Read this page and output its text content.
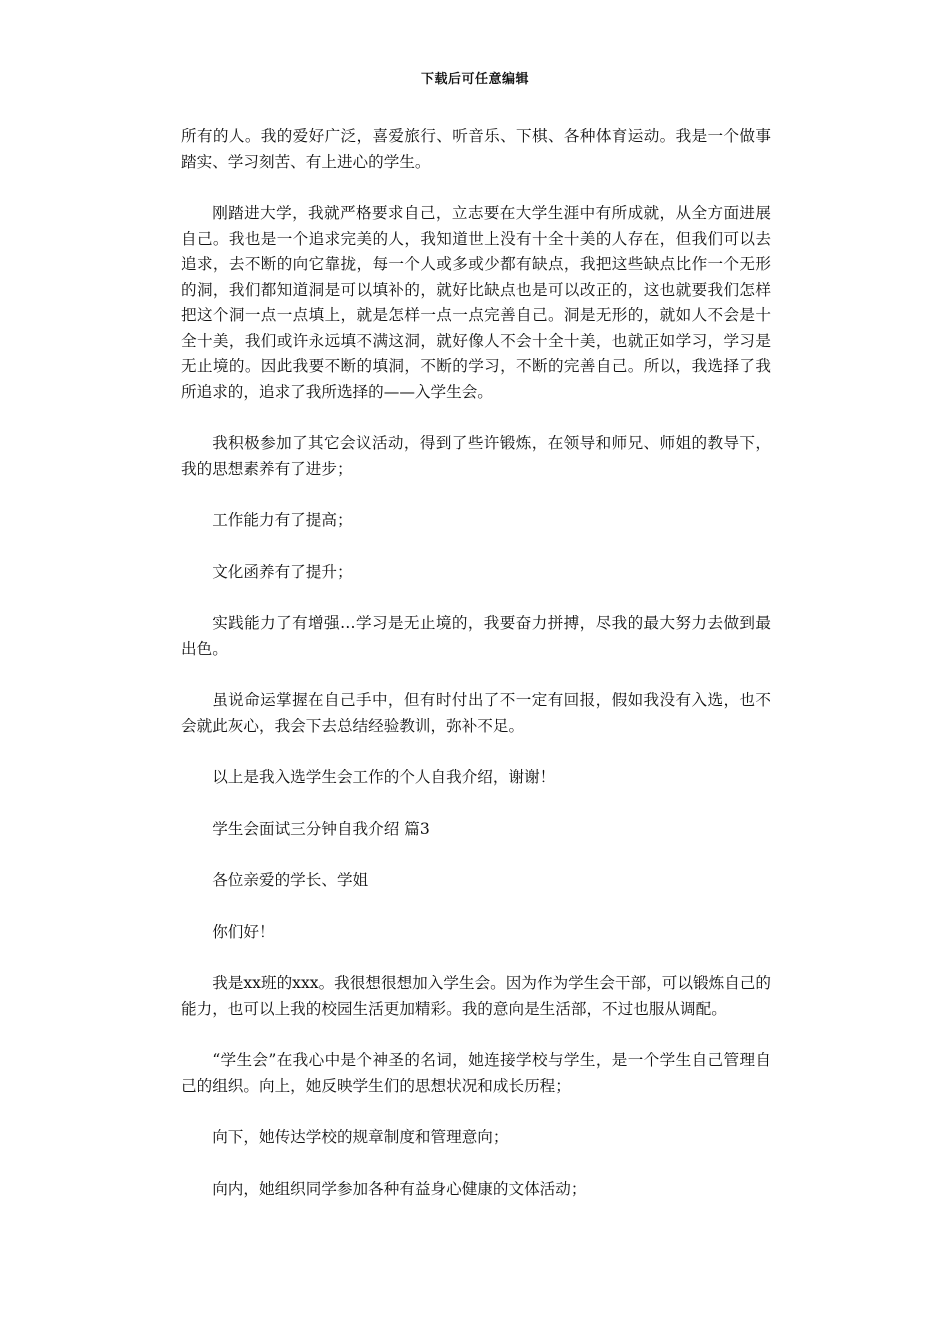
下载后可任意编辑

所有的人。我的爱好广泛，喜爱旅行、听音乐、下棋、各种体育运动。我是一个做事踏实、学习刻苦、有上进心的学生。

刚踏进大学，我就严格要求自己，立志要在大学生涯中有所成就，从全方面进展自己。我也是一个追求完美的人，我知道世上没有十全十美的人存在，但我们可以去追求，去不断的向它靠拢，每一个人或多或少都有缺点，我把这些缺点比作一个无形的洞，我们都知道洞是可以填补的，就好比缺点也是可以改正的，这也就要我们怎样把这个洞一点一点填上，就是怎样一点一点完善自己。洞是无形的，就如人不会是十全十美，我们或许永远填不满这洞，就好像人不会十全十美，也就正如学习，学习是无止境的。因此我要不断的填洞，不断的学习，不断的完善自己。所以，我选择了我所追求的，追求了我所选择的——入学生会。

我积极参加了其它会议活动，得到了些许锻炼，在领导和师兄、师姐的教导下，我的思想素养有了进步；

工作能力有了提高；

文化函养有了提升；

实践能力了有增强…学习是无止境的，我要奋力拼搏，尽我的最大努力去做到最出色。

虽说命运掌握在自己手中，但有时付出了不一定有回报，假如我没有入选，也不会就此灰心，我会下去总结经验教训，弥补不足。

以上是我入选学生会工作的个人自我介绍，谢谢！

学生会面试三分钟自我介绍 篇3

各位亲爱的学长、学姐

你们好！

我是xx班的xxx。我很想很想加入学生会。因为作为学生会干部，可以锻炼自己的能力，也可以上我的校园生活更加精彩。我的意向是生活部，不过也服从调配。

“学生会”在我心中是个神圣的名词，她连接学校与学生，是一个学生自己管理自己的组织。向上，她反映学生们的思想状况和成长历程；

向下，她传达学校的规章制度和管理意向；

向内，她组织同学参加各种有益身心健康的文体活动；
